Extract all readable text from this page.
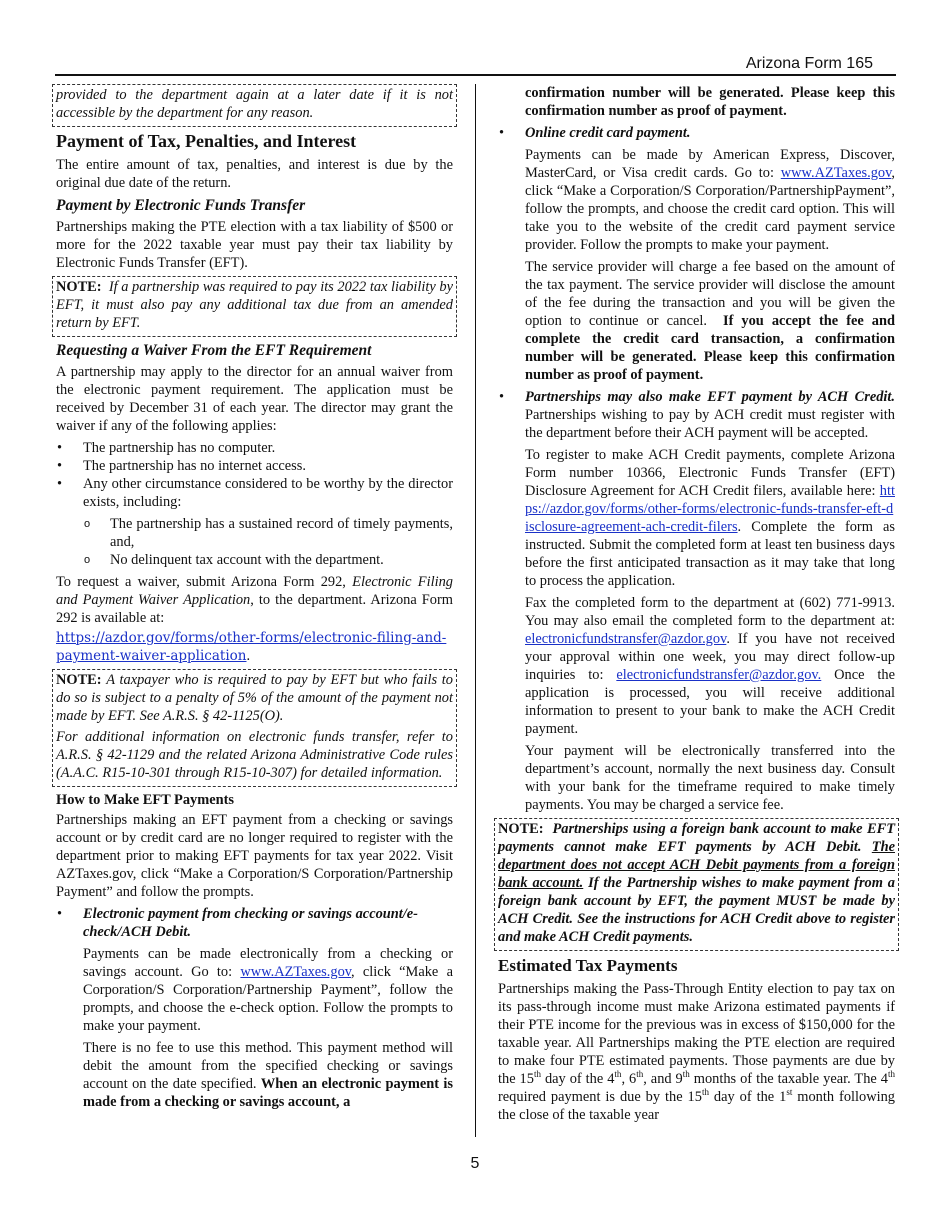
Arizona Form 165

provided to the department again at a later date if it is not accessible by the department for any reason.

Payment of Tax, Penalties, and Interest

The entire amount of tax, penalties, and interest is due by the original due date of the return.

Payment by Electronic Funds Transfer

Partnerships making the PTE election with a tax liability of $500 or more for the 2022 taxable year must pay their tax liability by Electronic Funds Transfer (EFT).

NOTE: If a partnership was required to pay its 2022 tax liability by EFT, it must also pay any additional tax due from an amended return by EFT.

Requesting a Waiver From the EFT Requirement

A partnership may apply to the director for an annual waiver from the electronic payment requirement. The application must be received by December 31 of each year. The director may grant the waiver if any of the following applies:

• The partnership has no computer.
• The partnership has no internet access.
• Any other circumstance considered to be worthy by the director exists, including:
o The partnership has a sustained record of timely payments, and,
o No delinquent tax account with the department.

To request a waiver, submit Arizona Form 292, Electronic Filing and Payment Waiver Application, to the department. Arizona Form 292 is available at:

https://azdor.gov/forms/other-forms/electronic-filing-and-payment-waiver-application.

NOTE: A taxpayer who is required to pay by EFT but who fails to do so is subject to a penalty of 5% of the amount of the payment not made by EFT. See A.R.S. § 42-1125(O).

For additional information on electronic funds transfer, refer to A.R.S. § 42-1129 and the related Arizona Administrative Code rules (A.A.C. R15-10-301 through R15-10-307) for detailed information.

How to Make EFT Payments

Partnerships making an EFT payment from a checking or savings account or by credit card are no longer required to register with the department prior to making EFT payments for tax year 2022. Visit AZTaxes.gov, click “Make a Corporation/S Corporation/Partnership Payment” and follow the prompts.

• Electronic payment from checking or savings account/e-check/ACH Debit.

Payments can be made electronically from a checking or savings account. Go to: www.AZTaxes.gov, click “Make a Corporation/S Corporation/Partnership Payment”, follow the prompts, and choose the e-check option. Follow the prompts to make your payment.

There is no fee to use this method. This payment method will debit the amount from the specified checking or savings account on the date specified. When an electronic payment is made from a checking or savings account, a

confirmation number will be generated. Please keep this confirmation number as proof of payment.

• Online credit card payment.

Payments can be made by American Express, Discover, MasterCard, or Visa credit cards. Go to: www.AZTaxes.gov, click “Make a Corporation/S Corporation/PartnershipPayment”, follow the prompts, and choose the credit card option. This will take you to the website of the credit card payment service provider. Follow the prompts to make your payment.

The service provider will charge a fee based on the amount of the tax payment. The service provider will disclose the amount of the fee during the transaction and you will be given the option to continue or cancel. If you accept the fee and complete the credit card transaction, a confirmation number will be generated. Please keep this confirmation number as proof of payment.

• Partnerships may also make EFT payment by ACH Credit. Partnerships wishing to pay by ACH credit must register with the department before their ACH payment will be accepted.

To register to make ACH Credit payments, complete Arizona Form number 10366, Electronic Funds Transfer (EFT) Disclosure Agreement for ACH Credit filers, available here: https://azdor.gov/forms/other-forms/electronic-funds-transfer-eft-disclosure-agreement-ach-credit-filers. Complete the form as instructed. Submit the completed form at least ten business days before the first anticipated transaction as it may take that long to process the application.

Fax the completed form to the department at (602) 771-9913. You may also email the completed form to the department at: electronicfundstransfer@azdor.gov. If you have not received your approval within one week, you may direct follow-up inquiries to: electronicfundstransfer@azdor.gov. Once the application is processed, you will receive additional information to present to your bank to make the ACH Credit payment.

Your payment will be electronically transferred into the department’s account, normally the next business day. Consult with your bank for the timeframe required to make timely payments. You may be charged a service fee.

NOTE: Partnerships using a foreign bank account to make EFT payments cannot make EFT payments by ACH Debit. The department does not accept ACH Debit payments from a foreign bank account. If the Partnership wishes to make payment from a foreign bank account by EFT, the payment MUST be made by ACH Credit. See the instructions for ACH Credit above to register and make ACH Credit payments.

Estimated Tax Payments

Partnerships making the Pass-Through Entity election to pay tax on its pass-through income must make Arizona estimated payments if their PTE income for the previous was in excess of $150,000 for the taxable year. All Partnerships making the PTE election are required to make four PTE estimated payments. Those payments are due by the 15th day of the 4th, 6th, and 9th months of the taxable year. The 4th required payment is due by the 15th day of the 1st month following the close of the taxable year

5
